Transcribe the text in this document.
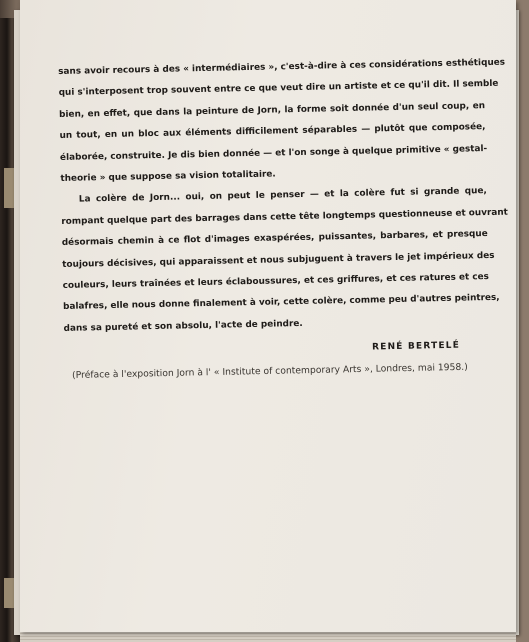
sans avoir recours à des « intermédiaires », c'est-à-dire à ces considérations esthétiques
qui s'interposent trop souvent entre ce que veut dire un artiste et ce qu'il dit. Il semble
bien, en effet, que dans la peinture de Jorn, la forme soit donnée d'un seul coup, en
un tout, en un bloc aux éléments difficilement séparables — plutôt que composée,
élaborée, construite. Je dis bien donnée — et l'on songe à quelque primitive « gestal-
theorie » que suppose sa vision totalitaire.
La colère de Jorn... oui, on peut le penser — et la colère fut si grande que,
rompant quelque part des barrages dans cette tête longtemps questionneuse et ouvrant
désormais chemin à ce flot d'images exaspérées, puissantes, barbares, et presque
toujours décisives, qui apparaissent et nous subjuguent à travers le jet impérieux des
couleurs, leurs traînées et leurs éclaboussures, et ces griffures, et ces ratures et ces
balafres, elle nous donne finalement à voir, cette colère, comme peu d'autres peintres,
dans sa pureté et son absolu, l'acte de peindre.
RENÉ BERTELÉ
(Préface à l'exposition Jorn à l' « Institute of contemporary Arts », Londres, mai 1958.)
